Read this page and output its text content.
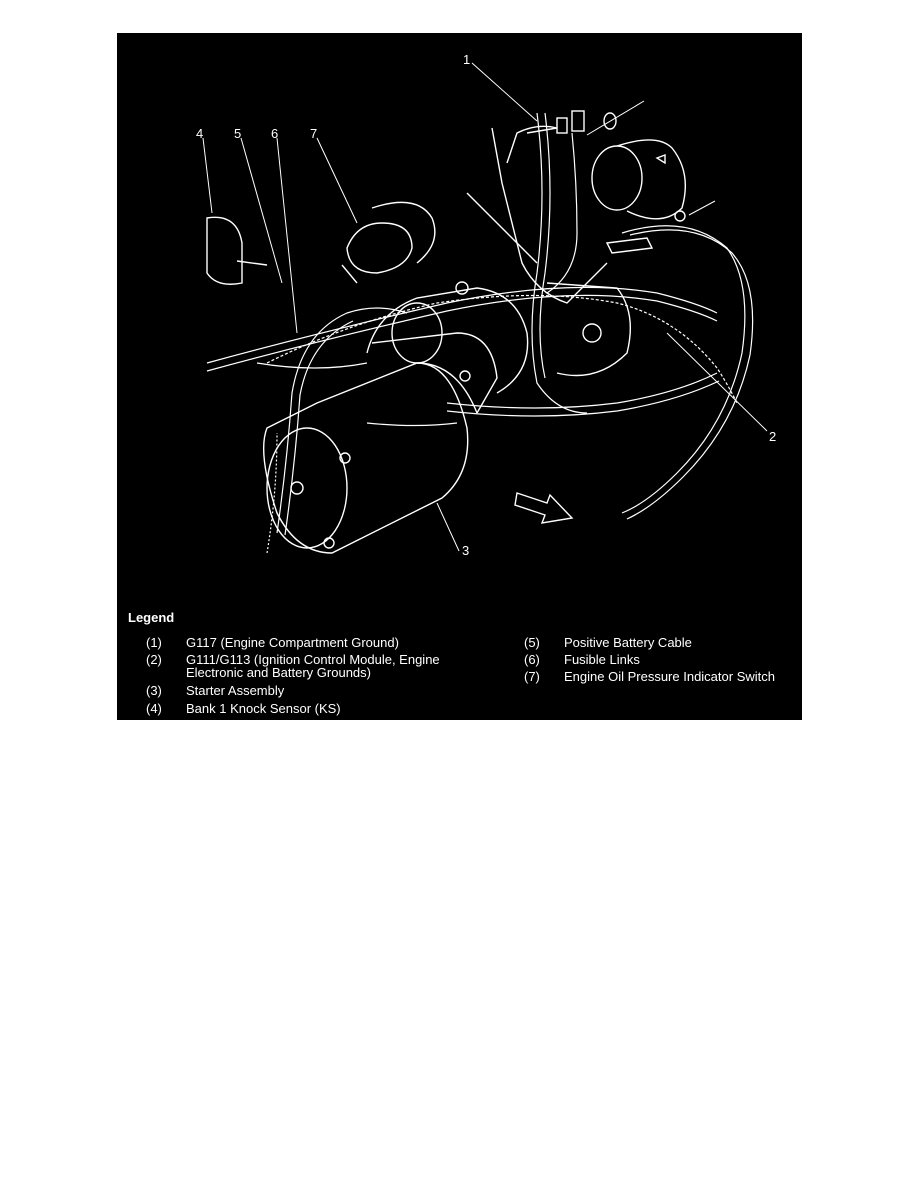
1
2
3
4 5 6 7
Legend
(1) G117 (Engine Compartment Ground)
(2) G111/G113 (Ignition Control Module, Engine
Electronic and Battery Grounds)
(3) Starter Assembly
(4) Bank 1 Knock Sensor (KS)
(5) Positive Battery Cable
(6) Fusible Links
(7) Engine Oil Pressure Indicator Switch
